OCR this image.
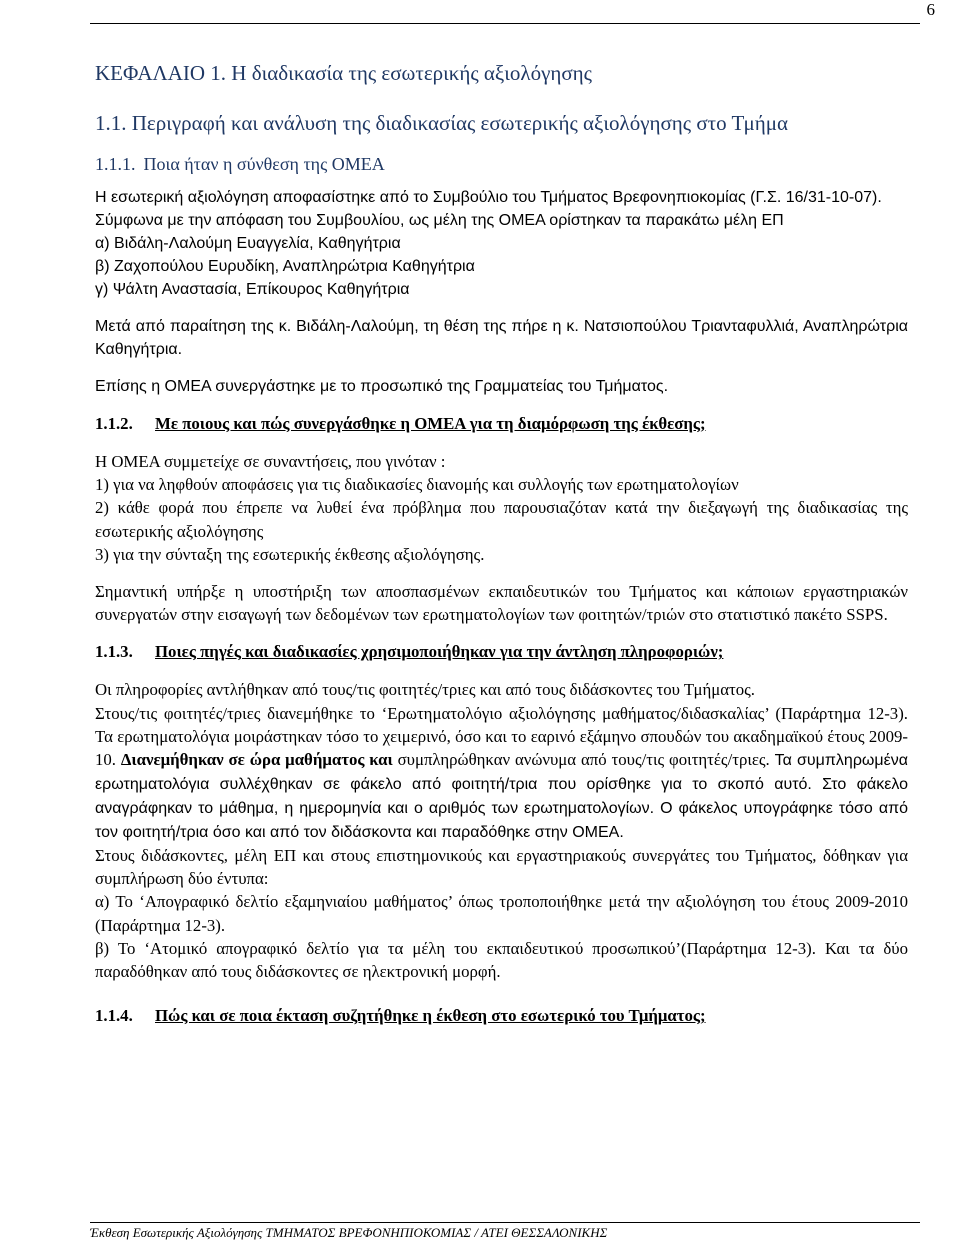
6
ΚΕΦΑΛΑΙΟ 1. Η διαδικασία της εσωτερικής αξιολόγησης
1.1. Περιγραφή και ανάλυση της διαδικασίας εσωτερικής αξιολόγησης στο Τμήμα
1.1.1. Ποια ήταν η σύνθεση της ΟΜΕΑ

Η εσωτερική αξιολόγηση αποφασίστηκε από το Συμβούλιο του Τμήματος Βρεφονηπιοκομίας (Γ.Σ. 16/31-10-07).

Σύμφωνα με την απόφαση του Συμβουλίου, ως μέλη της ΟΜΕΑ ορίστηκαν τα παρακάτω μέλη ΕΠ

α) Βιδάλη-Λαλούμη Ευαγγελία, Καθηγήτρια

β) Ζαχοπούλου Ευρυδίκη, Αναπληρώτρια Καθηγήτρια

γ) Ψάλτη Αναστασία, Επίκουρος Καθηγήτρια

Μετά από παραίτηση της κ. Βιδάλη-Λαλούμη, τη θέση της πήρε η κ. Νατσιοπούλου Τριανταφυλλιά, Αναπληρώτρια Καθηγήτρια.

Επίσης η ΟΜΕΑ συνεργάστηκε με το προσωπικό της Γραμματείας του Τμήματος.

1.1.2. Με ποιους και πώς συνεργάσθηκε η ΟΜΕΑ για τη διαμόρφωση της έκθεσης;

Η ΟΜΕΑ συμμετείχε σε συναντήσεις, που γινόταν :

1) για να ληφθούν αποφάσεις για τις διαδικασίες διανομής και συλλογής των ερωτηματολογίων

2) κάθε φορά που έπρεπε να λυθεί ένα πρόβλημα που παρουσιαζόταν κατά την διεξαγωγή της διαδικασίας της εσωτερικής αξιολόγησης

3) για την σύνταξη της εσωτερικής έκθεσης αξιολόγησης.

Σημαντική υπήρξε η υποστήριξη των αποσπασμένων εκπαιδευτικών του Τμήματος και κάποιων εργαστηριακών συνεργατών στην εισαγωγή των δεδομένων των ερωτηματολογίων των φοιτητών/τριών στο στατιστικό πακέτο SSPS.

1.1.3. Ποιες πηγές και διαδικασίες χρησιμοποιήθηκαν για την άντληση πληροφοριών;

Οι πληροφορίες αντλήθηκαν από τους/τις φοιτητές/τριες και από τους διδάσκοντες του Τμήματος.

Στους/τις φοιτητές/τριες διανεμήθηκε το ‘Ερωτηματολόγιο αξιολόγησης μαθήματος/διδασκαλίας’ (Παράρτημα 12-3). Τα ερωτηματολόγια μοιράστηκαν τόσο το χειμερινό, όσο και το εαρινό εξάμηνο σπουδών του ακαδημαϊκού έτους 2009-10. Διανεμήθηκαν σε ώρα μαθήματος και συμπληρώθηκαν ανώνυμα από τους/τις φοιτητές/τριες. Τα συμπληρωμένα ερωτηματολόγια συλλέχθηκαν σε φάκελο από φοιτητή/τρια που ορίσθηκε για το σκοπό αυτό. Στο φάκελο αναγράφηκαν το μάθημα, η ημερομηνία και ο αριθμός των ερωτηματολογίων. Ο φάκελος υπογράφηκε τόσο από τον φοιτητή/τρια όσο και από τον διδάσκοντα και παραδόθηκε στην ΟΜΕΑ.

Στους διδάσκοντες, μέλη ΕΠ και στους επιστημονικούς και εργαστηριακούς συνεργάτες του Τμήματος, δόθηκαν για συμπλήρωση δύο έντυπα:

α) Το ‘Απογραφικό δελτίο εξαμηνιαίου μαθήματος’ όπως τροποποιήθηκε μετά την αξιολόγηση του έτους 2009-2010 (Παράρτημα 12-3).

β) Το ‘Ατομικό απογραφικό δελτίο για τα μέλη του εκπαιδευτικού προσωπικού’(Παράρτημα 12-3). Και τα δύο παραδόθηκαν από τους διδάσκοντες σε ηλεκτρονική μορφή.

1.1.4. Πώς και σε ποια έκταση συζητήθηκε η έκθεση στο εσωτερικό του Τμήματος;

Έκθεση Εσωτερικής Αξιολόγησης ΤΜΗΜΑΤΟΣ ΒΡΕΦΟΝΗΠΙΟΚΟΜΙΑΣ / ΑΤΕΙ ΘΕΣΣΑΛΟΝΙΚΗΣ
